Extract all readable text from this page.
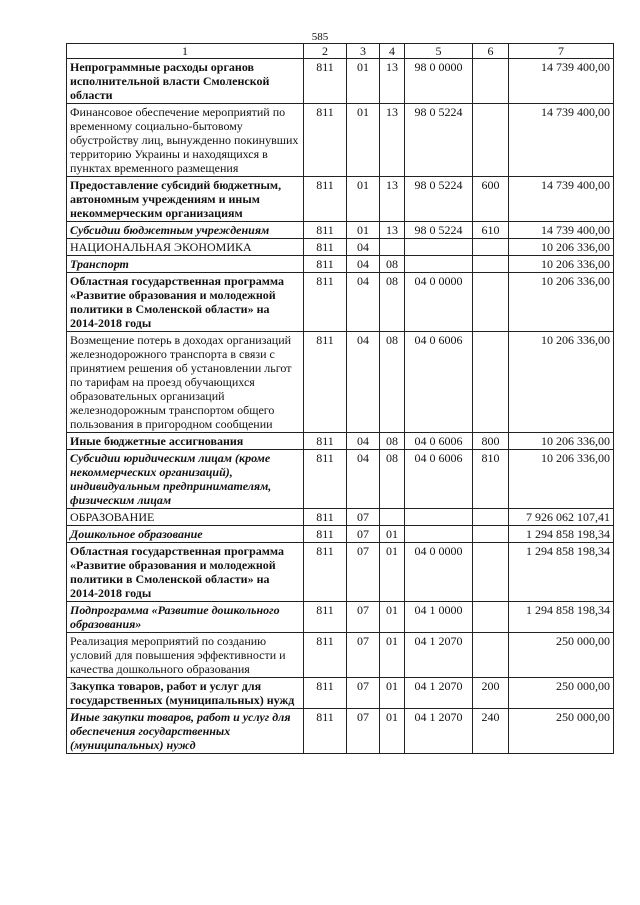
585
1	2	3	4	5	6	7
Непрограммные расходы органов исполнительной власти Смоленской области	811	01	13	98 0 0000		14 739 400,00
Финансовое обеспечение мероприятий по временному социально-бытовому обустройству лиц, вынужденно покинувших территорию Украины и находящихся в пунктах временного размещения	811	01	13	98 0 5224		14 739 400,00
Предоставление субсидий бюджетным, автономным учреждениям и иным некоммерческим организациям	811	01	13	98 0 5224	600	14 739 400,00
Субсидии бюджетным учреждениям	811	01	13	98 0 5224	610	14 739 400,00
НАЦИОНАЛЬНАЯ ЭКОНОМИКА	811	04				10 206 336,00
Транспорт	811	04	08			10 206 336,00
Областная государственная программа «Развитие образования и молодежной политики в Смоленской области» на 2014-2018 годы	811	04	08	04 0 0000		10 206 336,00
Возмещение потерь в доходах организаций железнодорожного транспорта в связи с принятием решения об установлении льгот по тарифам на проезд обучающихся образовательных организаций железнодорожным транспортом общего пользования в пригородном сообщении	811	04	08	04 0 6006		10 206 336,00
Иные бюджетные ассигнования	811	04	08	04 0 6006	800	10 206 336,00
Субсидии юридическим лицам (кроме некоммерческих организаций), индивидуальным предпринимателям, физическим лицам	811	04	08	04 0 6006	810	10 206 336,00
ОБРАЗОВАНИЕ	811	07				7 926 062 107,41
Дошкольное образование	811	07	01			1 294 858 198,34
Областная государственная программа «Развитие образования и молодежной политики в Смоленской области» на 2014-2018 годы	811	07	01	04 0 0000		1 294 858 198,34
Подпрограмма «Развитие дошкольного образования»	811	07	01	04 1 0000		1 294 858 198,34
Реализация мероприятий по созданию условий для повышения эффективности и качества дошкольного образования	811	07	01	04 1 2070		250 000,00
Закупка товаров, работ и услуг для государственных (муниципальных) нужд	811	07	01	04 1 2070	200	250 000,00
Иные закупки товаров, работ и услуг для обеспечения государственных (муниципальных) нужд	811	07	01	04 1 2070	240	250 000,00
